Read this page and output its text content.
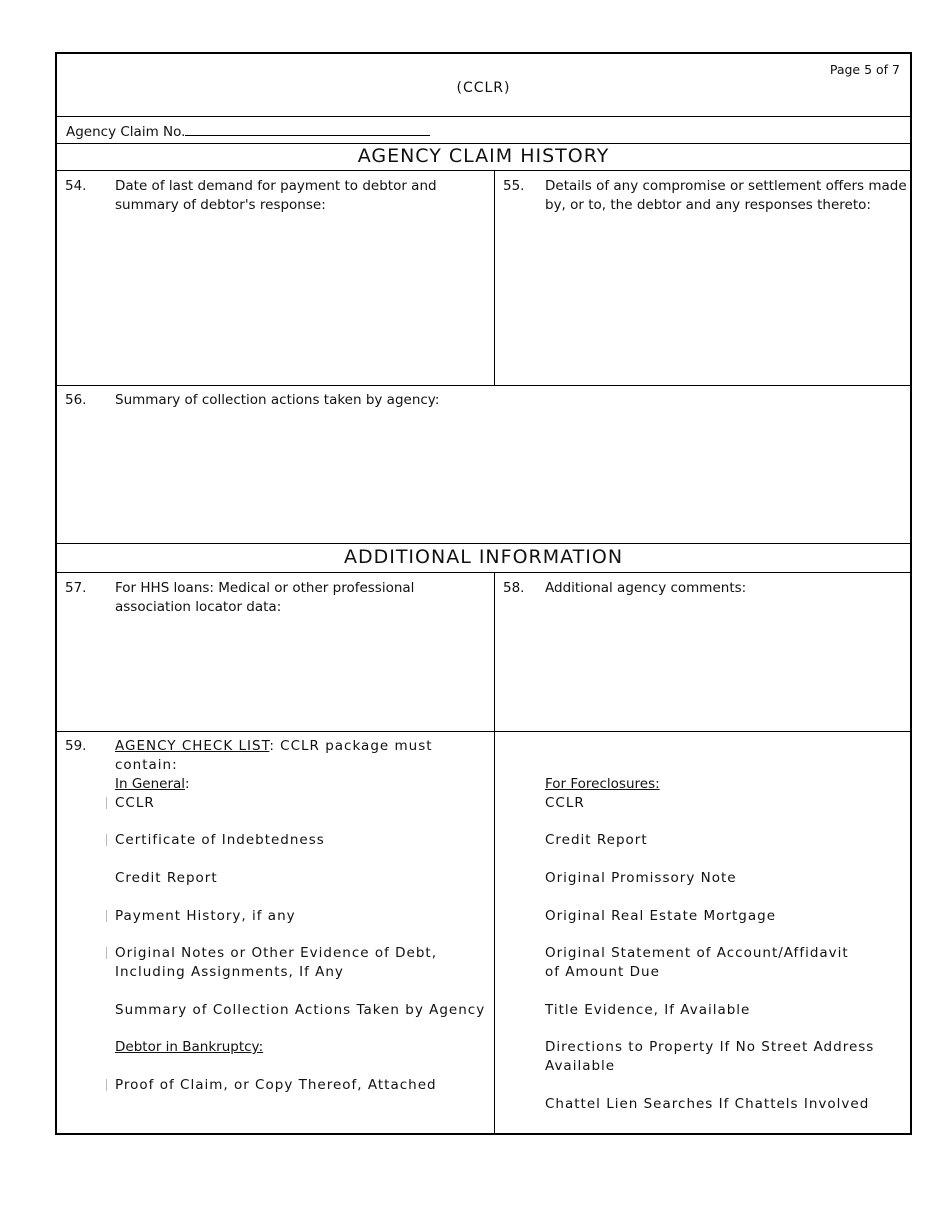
Page 5 of 7
(CCLR)
Agency Claim No.
AGENCY CLAIM HISTORY
54. Date of last demand for payment to debtor and
summary of debtor's response:
55. Details of any compromise or settlement offers made
by, or to, the debtor and any responses thereto:
56. Summary of collection actions taken by agency:
ADDITIONAL INFORMATION
57. For HHS loans: Medical or other professional
association locator data:
58. Additional agency comments:
59. AGENCY CHECK LIST: CCLR package must contain:
In General:
CCLR
Certificate of Indebtedness
Credit Report
Payment History, if any
Original Notes or Other Evidence of Debt,
Including Assignments, If Any
Summary of Collection Actions Taken by Agency
Debtor in Bankruptcy:
Proof of Claim, or Copy Thereof, Attached
For Foreclosures:
CCLR
Credit Report
Original Promissory Note
Original Real Estate Mortgage
Original Statement of Account/Affidavit
of Amount Due
Title Evidence, If Available
Directions to Property If No Street Address
Available
Chattel Lien Searches If Chattels Involved
